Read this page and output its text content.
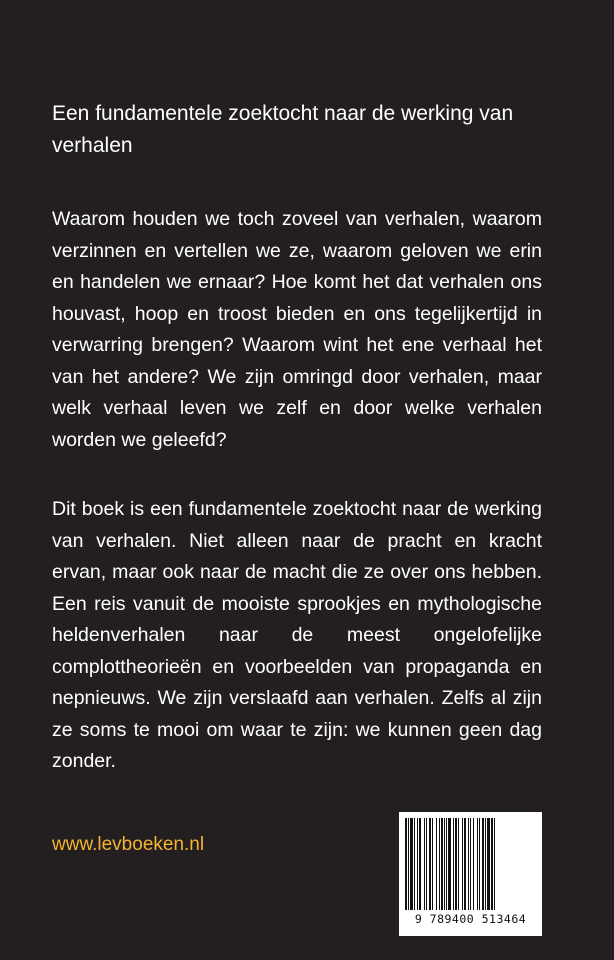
Een fundamentele zoektocht naar de werking van verhalen

Waarom houden we toch zoveel van verhalen, waarom verzinnen en vertellen we ze, waarom geloven we erin en handelen we ernaar? Hoe komt het dat verhalen ons houvast, hoop en troost bieden en ons tegelijkertijd in verwarring brengen? Waarom wint het ene verhaal het van het andere? We zijn omringd door verhalen, maar welk verhaal leven we zelf en door welke verhalen worden we geleefd?

Dit boek is een fundamentele zoektocht naar de werking van verhalen. Niet alleen naar de pracht en kracht ervan, maar ook naar de macht die ze over ons hebben. Een reis vanuit de mooiste sprookjes en mythologische heldenverhalen naar de meest ongelofelijke complottheorieën en voorbeelden van propaganda en nepnieuws. We zijn verslaafd aan verhalen. Zelfs al zijn ze soms te mooi om waar te zijn: we kunnen geen dag zonder.

www.levboeken.nl
9 789400 513464
